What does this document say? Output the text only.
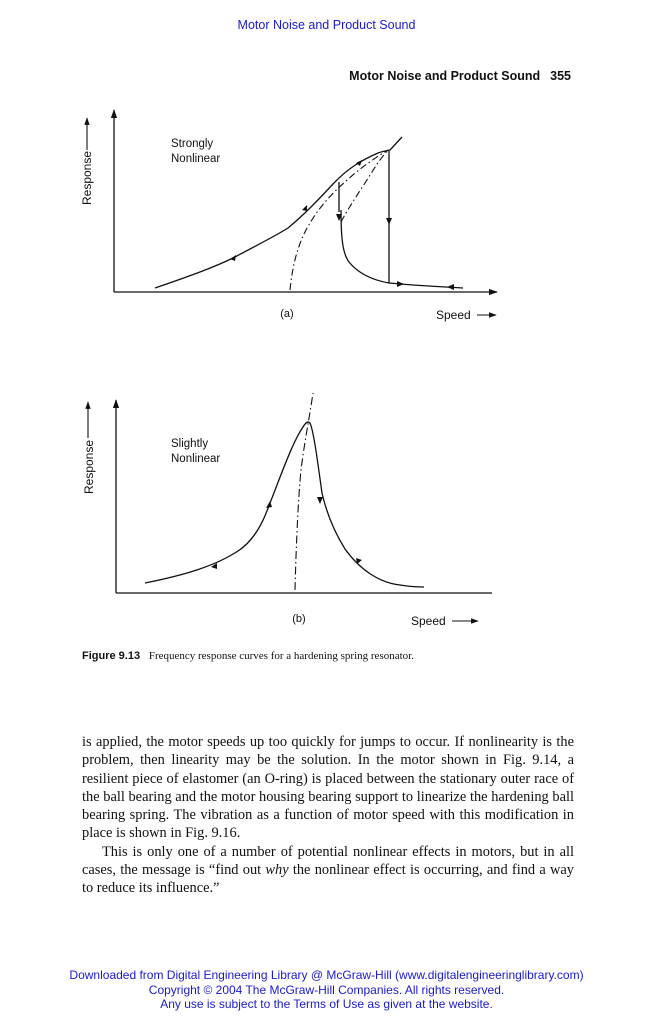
Motor Noise and Product Sound
Motor Noise and Product Sound 355
Strongly
Nonlinear
(a)	Speed
Response
Slightly
Nonlinear
(b)	Speed
Response
Figure 9.13 Frequency response curves for a hardening spring resonator.

is applied, the motor speeds up too quickly for jumps to occur. If nonlinearity is the problem, then linearity may be the solution. In the motor shown in Fig. 9.14, a resilient piece of elastomer (an O-ring) is placed between the stationary outer race of the ball bearing and the motor housing bearing support to linearize the hardening ball bearing spring. The vibration as a function of motor speed with this modification in place is shown in Fig. 9.16.

This is only one of a number of potential nonlinear effects in motors, but in all cases, the message is “find out why the nonlinear effect is occurring, and find a way to reduce its influence.”

Downloaded from Digital Engineering Library @ McGraw-Hill (www.digitalengineeringlibrary.com)
Copyright © 2004 The McGraw-Hill Companies. All rights reserved.
Any use is subject to the Terms of Use as given at the website.
